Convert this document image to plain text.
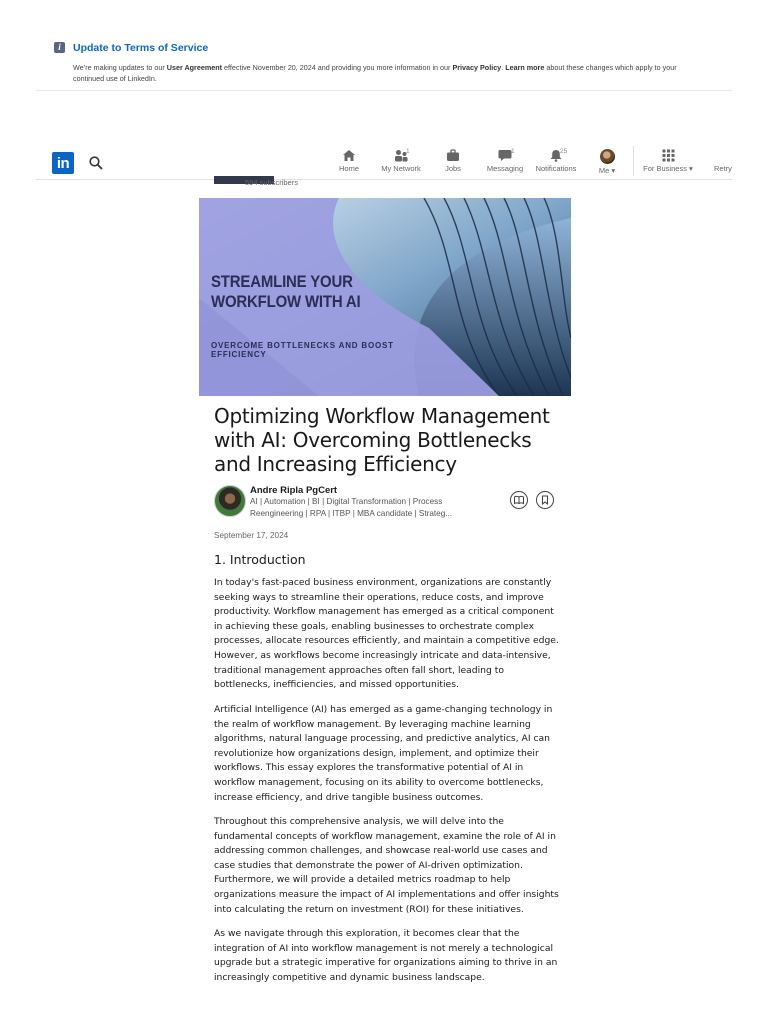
i	Update to Terms of Service
We’re making updates to our User Agreement effective November 20, 2024 and providing you more information in our Privacy Policy. Learn more about these changes which apply to your continued use of LinkedIn.
in	Home
1
My Network	Jobs
1
Messaging
25
Notifications	Me ▾	For Business ▾	Retry
594 subscribers
STREAMLINE YOUR
WORKFLOW WITH AI
OVERCOME BOTTLENECKS AND BOOST EFFICIENCY
Optimizing Workflow Management with AI: Overcoming Bottlenecks and Increasing Efficiency
Andre Ripla PgCert
AI | Automation | BI | Digital Transformation | Process
Reengineering | RPA | ITBP | MBA candidate | Strateg...
September 17, 2024
1. Introduction

In today's fast-paced business environment, organizations are constantly seeking ways to streamline their operations, reduce costs, and improve productivity. Workflow management has emerged as a critical component in achieving these goals, enabling businesses to orchestrate complex processes, allocate resources efficiently, and maintain a competitive edge. However, as workflows become increasingly intricate and data-intensive, traditional management approaches often fall short, leading to bottlenecks, inefficiencies, and missed opportunities.

Artificial Intelligence (AI) has emerged as a game-changing technology in the realm of workflow management. By leveraging machine learning algorithms, natural language processing, and predictive analytics, AI can revolutionize how organizations design, implement, and optimize their workflows. This essay explores the transformative potential of AI in workflow management, focusing on its ability to overcome bottlenecks, increase efficiency, and drive tangible business outcomes.

Throughout this comprehensive analysis, we will delve into the fundamental concepts of workflow management, examine the role of AI in addressing common challenges, and showcase real-world use cases and case studies that demonstrate the power of AI-driven optimization. Furthermore, we will provide a detailed metrics roadmap to help organizations measure the impact of AI implementations and offer insights into calculating the return on investment (ROI) for these initiatives.

As we navigate through this exploration, it becomes clear that the integration of AI into workflow management is not merely a technological upgrade but a strategic imperative for organizations aiming to thrive in an increasingly competitive and dynamic business landscape.
